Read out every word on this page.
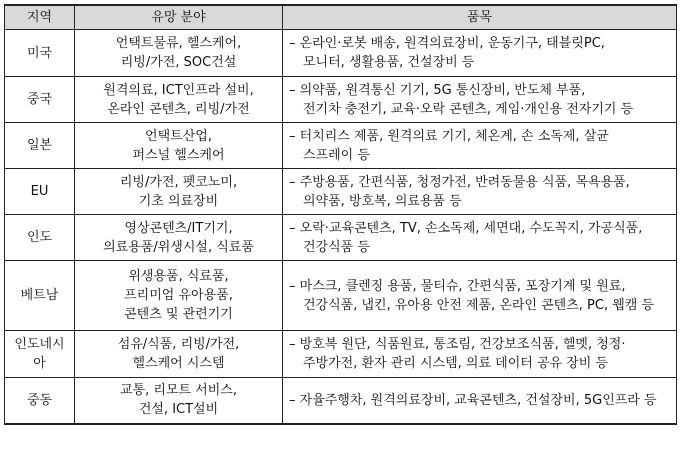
지역	유망 분야	품목
미국	언택트물류, 헬스케어,
리빙/가전, SOC건설	– 온라인·로봇 배송, 원격의료장비, 운동기구, 태블릿PC,
모니터, 생활용품, 건설장비 등

중국	원격의료, ICT인프라 설비,
온라인 콘텐츠, 리빙/가전	– 의약품, 원격통신 기기, 5G 통신장비, 반도체 부품,
전기차 충전기, 교육·오락 콘텐츠, 게임·개인용 전자기기 등

일본	언택트산업,
퍼스널 헬스케어	– 터치리스 제품, 원격의료 기기, 체온계, 손 소독제, 살균
스프레이 등

EU	리빙/가전, 펫코노미,
기초 의료장비	– 주방용품, 간편식품, 청정가전, 반려동물용 식품, 목욕용품,
의약품, 방호복, 의료용품 등

인도	영상콘텐츠/IT기기,
의료용품/위생시설, 식료품	– 오락·교육콘텐츠, TV, 손소독제, 세면대, 수도꼭지, 가공식품,
건강식품 등

베트남	위생용품, 식료품,
프리미엄 유아용품,
콘텐츠 및 관련기기	– 마스크, 클렌징 용품, 물티슈, 간편식품, 포장기계 및 원료,
건강식품, 냅킨, 유아용 안전 제품, 온라인 콘텐츠, PC, 웹캠 등

인도네시아	섬유/식품, 리빙/가전,
헬스케어 시스템	– 방호복 원단, 식품원료, 통조림, 건강보조식품, 헬멧, 청정·
주방가전, 환자 관리 시스템, 의료 데이터 공유 장비 등

중동	교통, 리모트 서비스,
건설, ICT설비	– 자율주행차, 원격의료장비, 교육콘텐츠, 건설장비, 5G인프라 등
